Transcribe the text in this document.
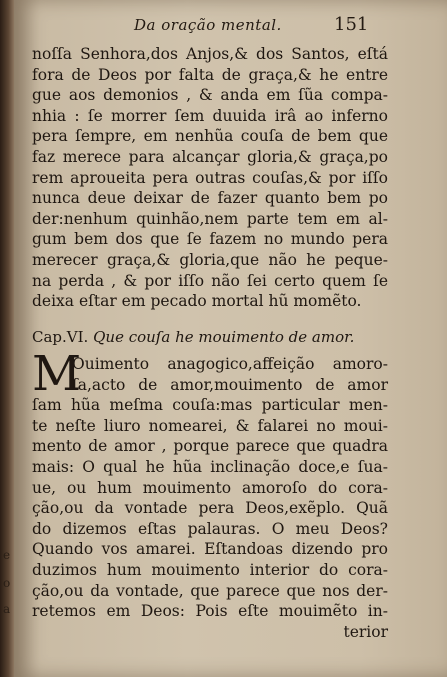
e
o
a
Da oração mental.	151
noſſa Senhora,dos Anjos,& dos Santos, eſtá
fora de Deos por falta de graça,& he entre
gue aos demonios , & anda em ſũa compa-
nhia : ſe morrer ſem duuida irâ ao inferno
pera ſempre, em nenhũa couſa de bem que
faz merece para alcançar gloria,& graça,po
rem aproueita pera outras couſas,& por iſſo
nunca deue deixar de fazer quanto bem po
der:nenhum quinhão,nem parte tem em al-
gum bem dos que ſe fazem no mundo pera
merecer graça,& gloria,que não he peque-
na perda , & por iſſo não ſei certo quem ſe
deixa eſtar em pecado mortal hũ momẽto.
Cap.VI. Que couſa he mouimento de amor.
M
Ouimento anagogico,affeição amoro-
ſa,acto de amor,mouimento de amor
ſam hũa meſma couſa:mas particular men-
te neſte liuro nomearei, & falarei no moui-
mento de amor , porque parece que quadra
mais: O qual he hũa inclinação doce,e ſua-
ue, ou hum mouimento amoroſo do cora-
ção,ou da vontade pera Deos,exẽplo. Quã
do dizemos eſtas palauras. O meu Deos?
Quando vos amarei. Eſtandoas dizendo pro
duzimos hum mouimento interior do cora-
ção,ou da vontade, que parece que nos der-
retemos em Deos: Pois eſte mouimẽto in-
terior
